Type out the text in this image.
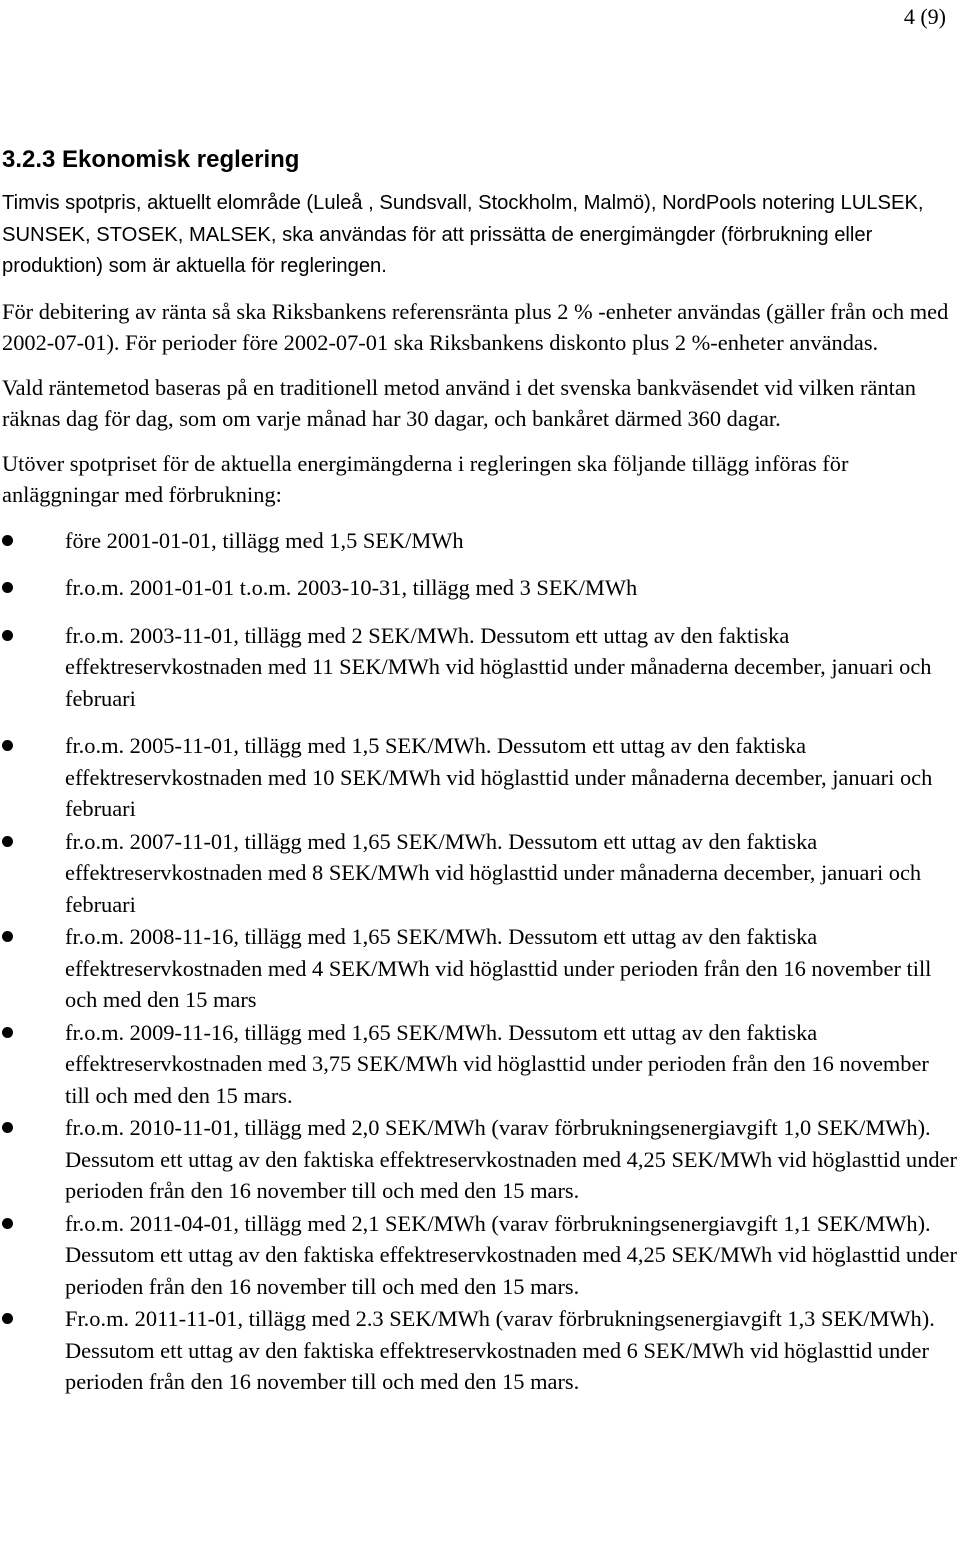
4 (9)
3.2.3 Ekonomisk reglering

Timvis spotpris, aktuellt elområde (Luleå , Sundsvall, Stockholm, Malmö), NordPools notering LULSEK, SUNSEK, STOSEK, MALSEK, ska användas för att prissätta de energimängder (förbrukning eller produktion) som är aktuella för regleringen.

För debitering av ränta så ska Riksbankens referensränta plus 2 % -enheter användas (gäller från och med 2002-07-01). För perioder före 2002-07-01 ska Riksbankens diskonto plus 2 %-enheter användas.

Vald räntemetod baseras på en traditionell metod använd i det svenska bankväsendet vid vilken räntan räknas dag för dag, som om varje månad har 30 dagar, och bankåret därmed 360 dagar.

Utöver spotpriset för de aktuella energimängderna i regleringen ska följande tillägg införas för anläggningar med förbrukning:

före 2001-01-01, tillägg med 1,5 SEK/MWh
fr.o.m. 2001-01-01 t.o.m. 2003-10-31, tillägg med 3 SEK/MWh
fr.o.m. 2003-11-01, tillägg med 2 SEK/MWh. Dessutom ett uttag av den faktiska effektreservkostnaden med 11 SEK/MWh vid höglasttid under månaderna december, januari och februari
fr.o.m. 2005-11-01, tillägg med 1,5 SEK/MWh. Dessutom ett uttag av den faktiska effektreservkostnaden med 10 SEK/MWh vid höglasttid under månaderna december, januari och februari
fr.o.m. 2007-11-01, tillägg med 1,65 SEK/MWh. Dessutom ett uttag av den faktiska effektreservkostnaden med 8 SEK/MWh vid höglasttid under månaderna december, januari och februari
fr.o.m. 2008-11-16, tillägg med 1,65 SEK/MWh. Dessutom ett uttag av den faktiska effektreservkostnaden med 4 SEK/MWh vid höglasttid under perioden från den 16 november till och med den 15 mars
fr.o.m. 2009-11-16, tillägg med 1,65 SEK/MWh. Dessutom ett uttag av den faktiska effektreservkostnaden med 3,75 SEK/MWh vid höglasttid under perioden från den 16 november till och med den 15 mars.
fr.o.m. 2010-11-01, tillägg med 2,0 SEK/MWh (varav förbrukningsenergiavgift 1,0 SEK/MWh). Dessutom ett uttag av den faktiska effektreservkostnaden med 4,25 SEK/MWh vid höglasttid under perioden från den 16 november till och med den 15 mars.
fr.o.m. 2011-04-01, tillägg med 2,1 SEK/MWh (varav förbrukningsenergiavgift 1,1 SEK/MWh). Dessutom ett uttag av den faktiska effektreservkostnaden med 4,25 SEK/MWh vid höglasttid under perioden från den 16 november till och med den 15 mars.
Fr.o.m. 2011-11-01, tillägg med 2.3 SEK/MWh (varav förbrukningsenergiavgift 1,3 SEK/MWh). Dessutom ett uttag av den faktiska effektreservkostnaden med 6 SEK/MWh vid höglasttid under perioden från den 16 november till och med den 15 mars.
